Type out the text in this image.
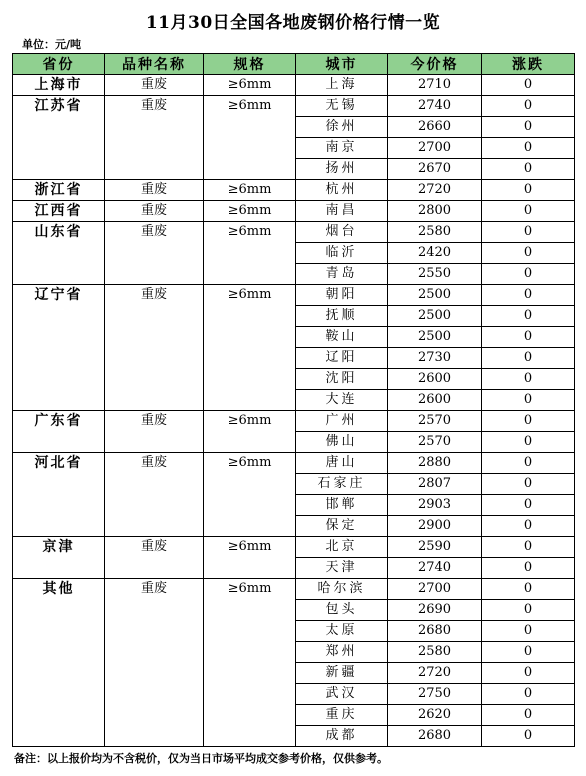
11月30日全国各地废钢价格行情一览
单位：元/吨
省份	品种名称	规格	城市	今价格	涨跌
上海市	重废	≥6mm	上海	2710	0
江苏省	重废	≥6mm	无锡	2740	0
			徐州	2660	0
			南京	2700	0
			扬州	2670	0
浙江省	重废	≥6mm	杭州	2720	0
江西省	重废	≥6mm	南昌	2800	0
山东省	重废	≥6mm	烟台	2580	0
			临沂	2420	0
			青岛	2550	0
辽宁省	重废	≥6mm	朝阳	2500	0
			抚顺	2500	0
			鞍山	2500	0
			辽阳	2730	0
			沈阳	2600	0
			大连	2600	0
广东省	重废	≥6mm	广州	2570	0
			佛山	2570	0
河北省	重废	≥6mm	唐山	2880	0
			石家庄	2807	0
			邯郸	2903	0
			保定	2900	0
京津	重废	≥6mm	北京	2590	0
			天津	2740	0
其他	重废	≥6mm	哈尔滨	2700	0
			包头	2690	0
			太原	2680	0
			郑州	2580	0
			新疆	2720	0
			武汉	2750	0
			重庆	2620	0
			成都	2680	0
备注：以上报价均为不含税价，仅为当日市场平均成交参考价格，仅供参考。
